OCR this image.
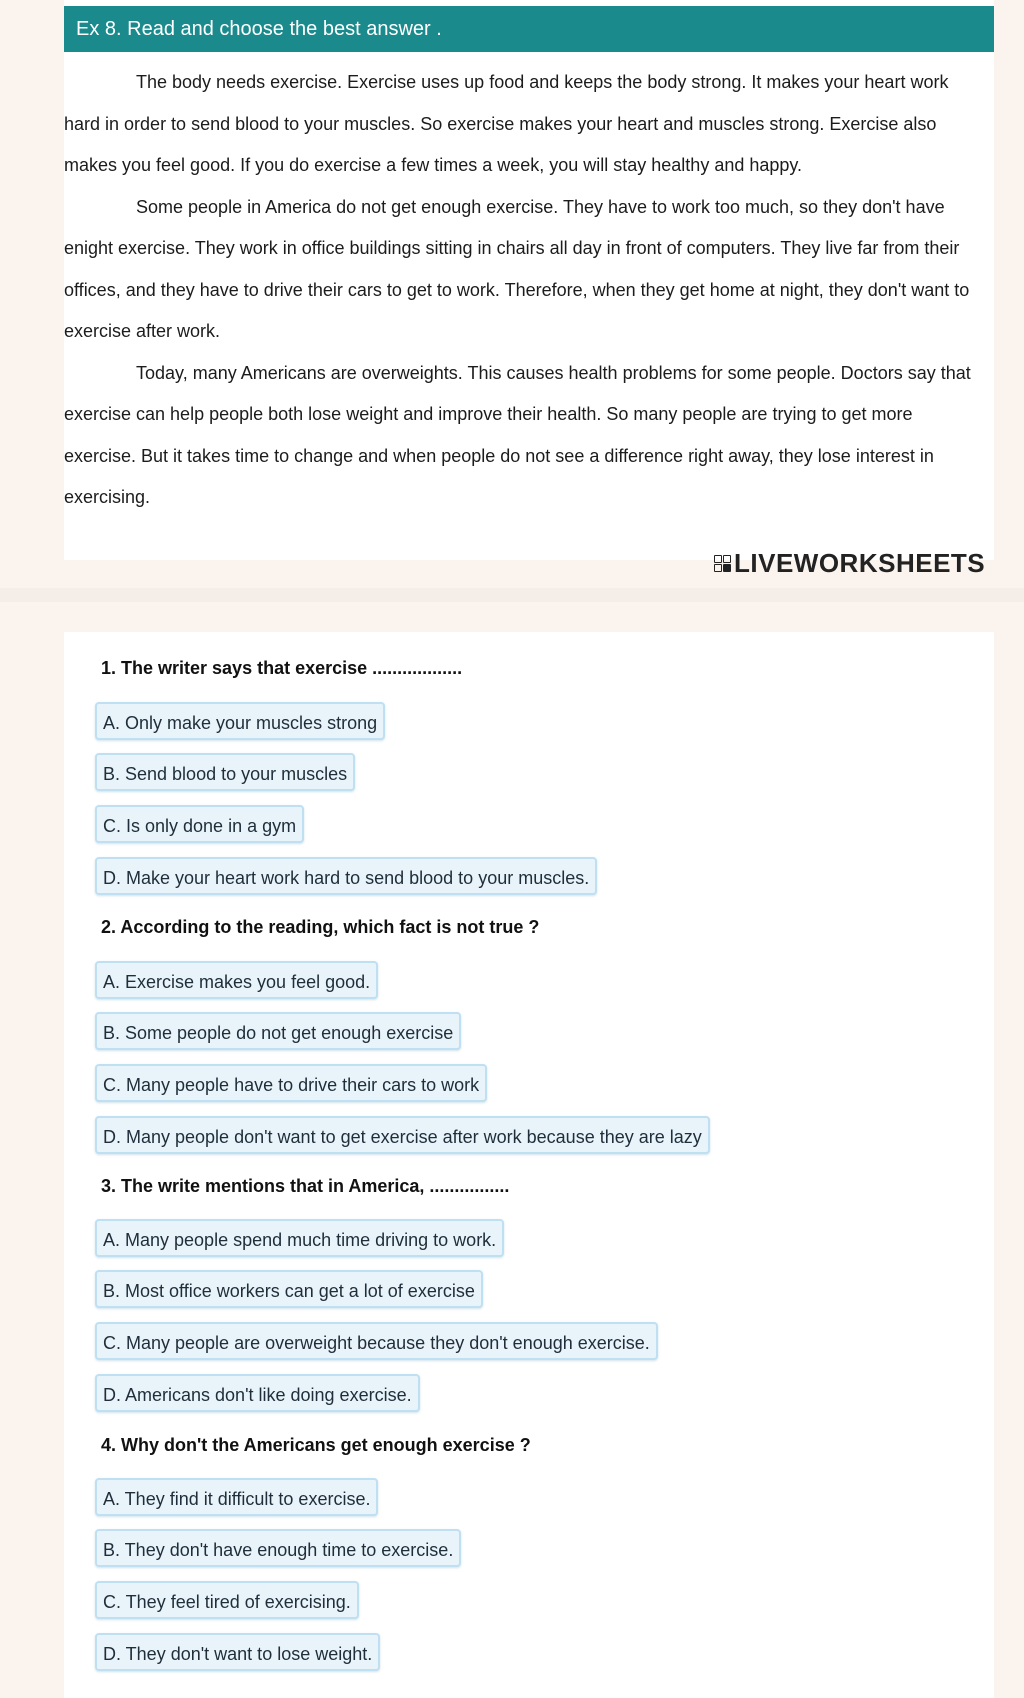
Ex 8. Read and choose the best answer .

The body needs exercise. Exercise uses up food and keeps the body strong. It makes your heart work hard in order to send blood to your muscles. So exercise makes your heart and muscles strong. Exercise also makes you feel good. If you do exercise a few times a week, you will stay healthy and happy.

Some people in America do not get enough exercise. They have to work too much, so they don't have enight exercise. They work in office buildings sitting in chairs all day in front of computers. They live far from their offices, and they have to drive their cars to get to work. Therefore, when they get home at night, they don't want to exercise after work.

Today, many Americans are overweights. This causes health problems for some people. Doctors say that exercise can help people both lose weight and improve their health. So many people are trying to get more exercise. But it takes time to change and when people do not see a difference right away, they lose interest in exercising.

LIVEWORKSHEETS
1. The writer says that exercise ..................
A. Only make your muscles strong
B. Send blood to your muscles
C. Is only done in a gym
D. Make your heart work hard to send blood to your muscles.
2. According to the reading, which fact is not true ?
A. Exercise makes you feel good.
B. Some people do not get enough exercise
C. Many people have to drive their cars to work
D. Many people don't want to get exercise after work because they are lazy
3. The write mentions that in America, ................
A. Many people spend much time driving to work.
B. Most office workers can get a lot of exercise
C. Many people are overweight because they don't enough exercise.
D. Americans don't like doing exercise.
4. Why don't the Americans get enough exercise ?
A. They find it difficult to exercise.
B. They don't have enough time to exercise.
C. They feel tired of exercising.
D. They don't want to lose weight.
